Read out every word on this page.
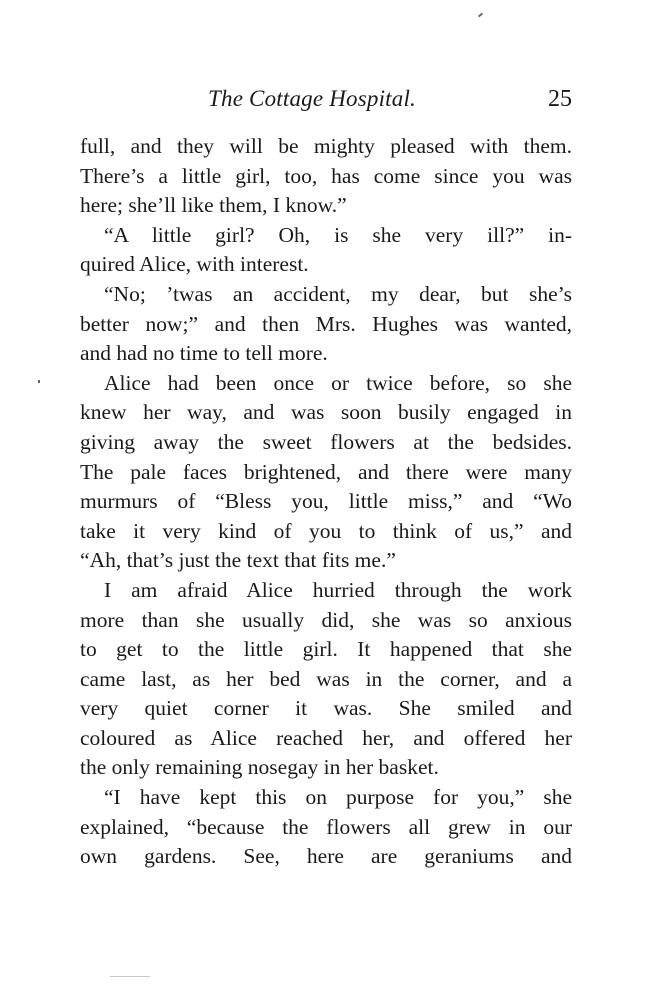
The Cottage Hospital.	25
full, and they will be mighty pleased with them.
There’s a little girl, too, has come since you was
here; she’ll like them, I know.”
“A little girl? Oh, is she very ill?” in-
quired Alice, with interest.
“No; ’twas an accident, my dear, but she’s
better now;” and then Mrs. Hughes was wanted,
and had no time to tell more.
Alice had been once or twice before, so she
knew her way, and was soon busily engaged in
giving away the sweet flowers at the bedsides.
The pale faces brightened, and there were many
murmurs of “Bless you, little miss,” and “Wo
take it very kind of you to think of us,” and
“Ah, that’s just the text that fits me.”
I am afraid Alice hurried through the work
more than she usually did, she was so anxious
to get to the little girl. It happened that she
came last, as her bed was in the corner, and a
very quiet corner it was. She smiled and
coloured as Alice reached her, and offered her
the only remaining nosegay in her basket.
“I have kept this on purpose for you,” she
explained, “because the flowers all grew in our
own gardens. See, here are geraniums and
